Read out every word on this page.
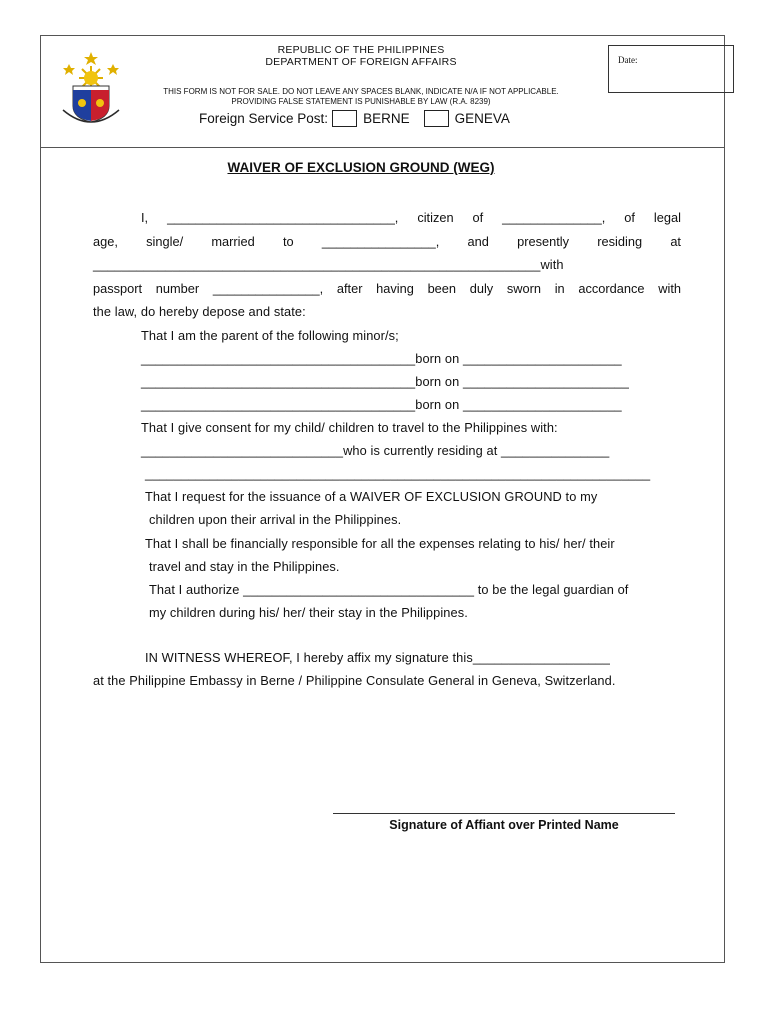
REPUBLIC OF THE PHILIPPINES
DEPARTMENT OF FOREIGN AFFAIRS	Date:
THIS FORM IS NOT FOR SALE. DO NOT LEAVE ANY SPACES BLANK, INDICATE N/A IF NOT APPLICABLE.
PROVIDING FALSE STATEMENT IS PUNISHABLE BY LAW (R.A. 8239)
Foreign Service Post:	BERNE	GENEVA
WAIVER OF EXCLUSION GROUND (WEG)
I, ________________________________, citizen of ______________, of legal
age, single/ married to ________________, and presently residing at
______________________________________________________________with
passport number _______________, after having been duly sworn in accordance with
the law, do hereby depose and state:
That I am the parent of the following minor/s;
______________________________________born on ______________________
______________________________________born on _______________________
______________________________________born on ______________________
That I give consent for my child/ children to travel to the Philippines with:
____________________________who is currently residing at _______________
______________________________________________________________________
That I request for the issuance of a WAIVER OF EXCLUSION GROUND to my
children upon their arrival in the Philippines.
That I shall be financially responsible for all the expenses relating to his/ her/ their
travel and stay in the Philippines.
That I authorize ________________________________ to be the legal guardian of
my children during his/ her/ their stay in the Philippines.
IN WITNESS WHEREOF, I hereby affix my signature this___________________
at the Philippine Embassy in Berne / Philippine Consulate General in Geneva, Switzerland.
Signature of Affiant over Printed Name
